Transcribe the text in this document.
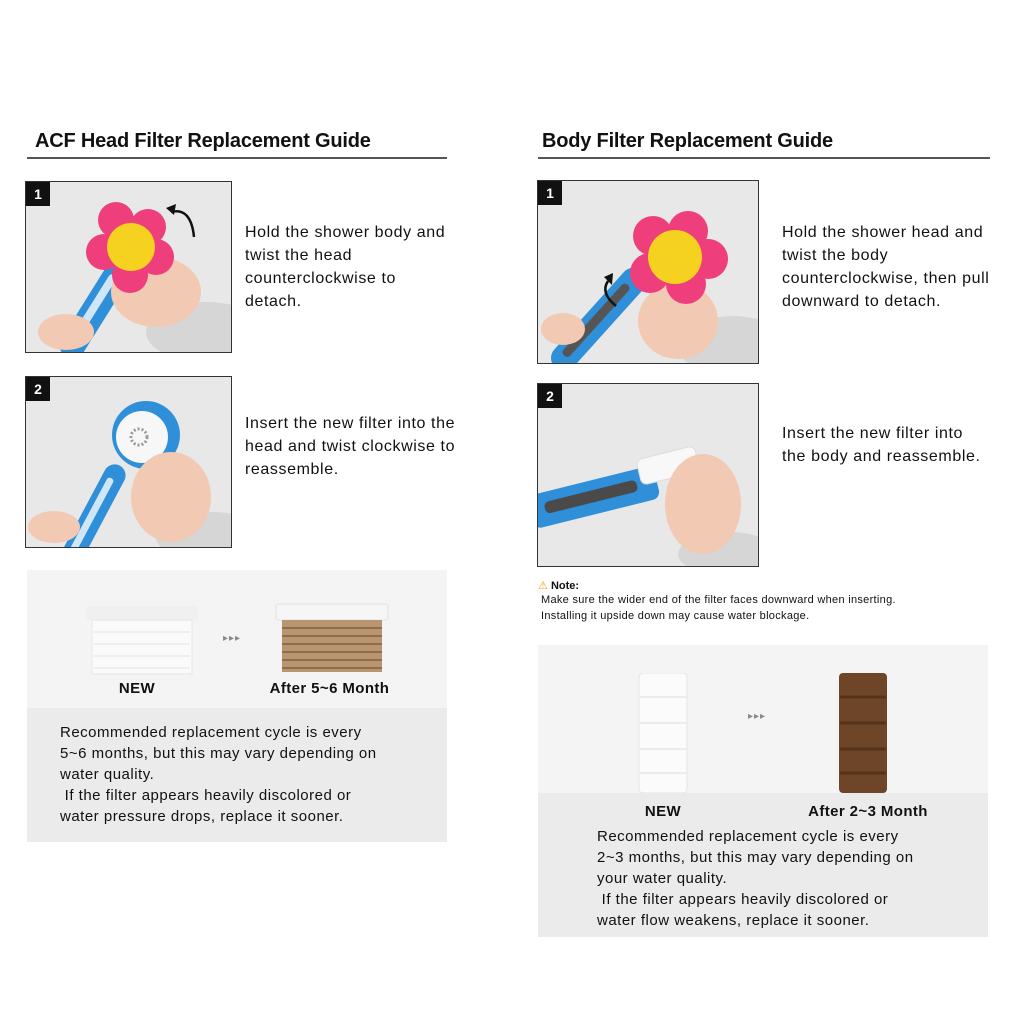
ACF Head Filter Replacement Guide
1
Hold the shower body and twist the head counterclockwise to detach.
2
Insert the new filter into the head and twist clockwise to reassemble.
▸▸▸
NEW	After 5~6 Month
Recommended replacement cycle is every
5~6 months, but this may vary depending on
water quality.
If the filter appears heavily discolored or
water pressure drops, replace it sooner.
Body Filter Replacement Guide
1
Hold the shower head and twist the body counterclockwise, then pull downward to detach.
2
Insert the new filter into the body and reassemble.
⚠ Note:
Make sure the wider end of the filter faces downward when inserting.
Installing it upside down may cause water blockage.
▸▸▸
NEW	After 2~3 Month
Recommended replacement cycle is every
2~3 months, but this may vary depending on
your water quality.
If the filter appears heavily discolored or
water flow weakens, replace it sooner.
